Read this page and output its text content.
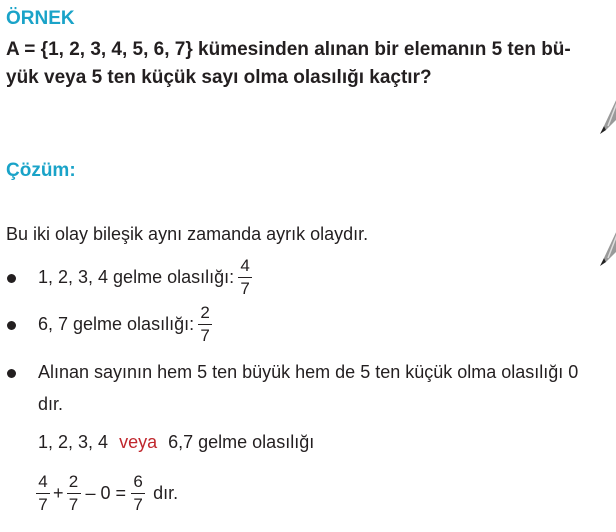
ÖRNEK
A = {1, 2, 3, 4, 5, 6, 7} kümesinden alınan bir elemanın 5 ten bü-
yük veya 5 ten küçük sayı olma olasılığı kaçtır?
Çözüm:
Bu iki olay bileşik aynı zamanda ayrık olaydır.
1, 2, 3, 4 gelme olasılığı: $\frac{4}{7}$
6, 7 gelme olasılığı: $\frac{2}{7}$
Alınan sayının hem 5 ten büyük hem de 5 ten küçük olma olasılığı 0
dır.
1, 2, 3, 4 veya 6,7 gelme olasılığı
$\frac{4}{7} + \frac{2}{7} - 0 = \frac{6}{7}$ dır.
